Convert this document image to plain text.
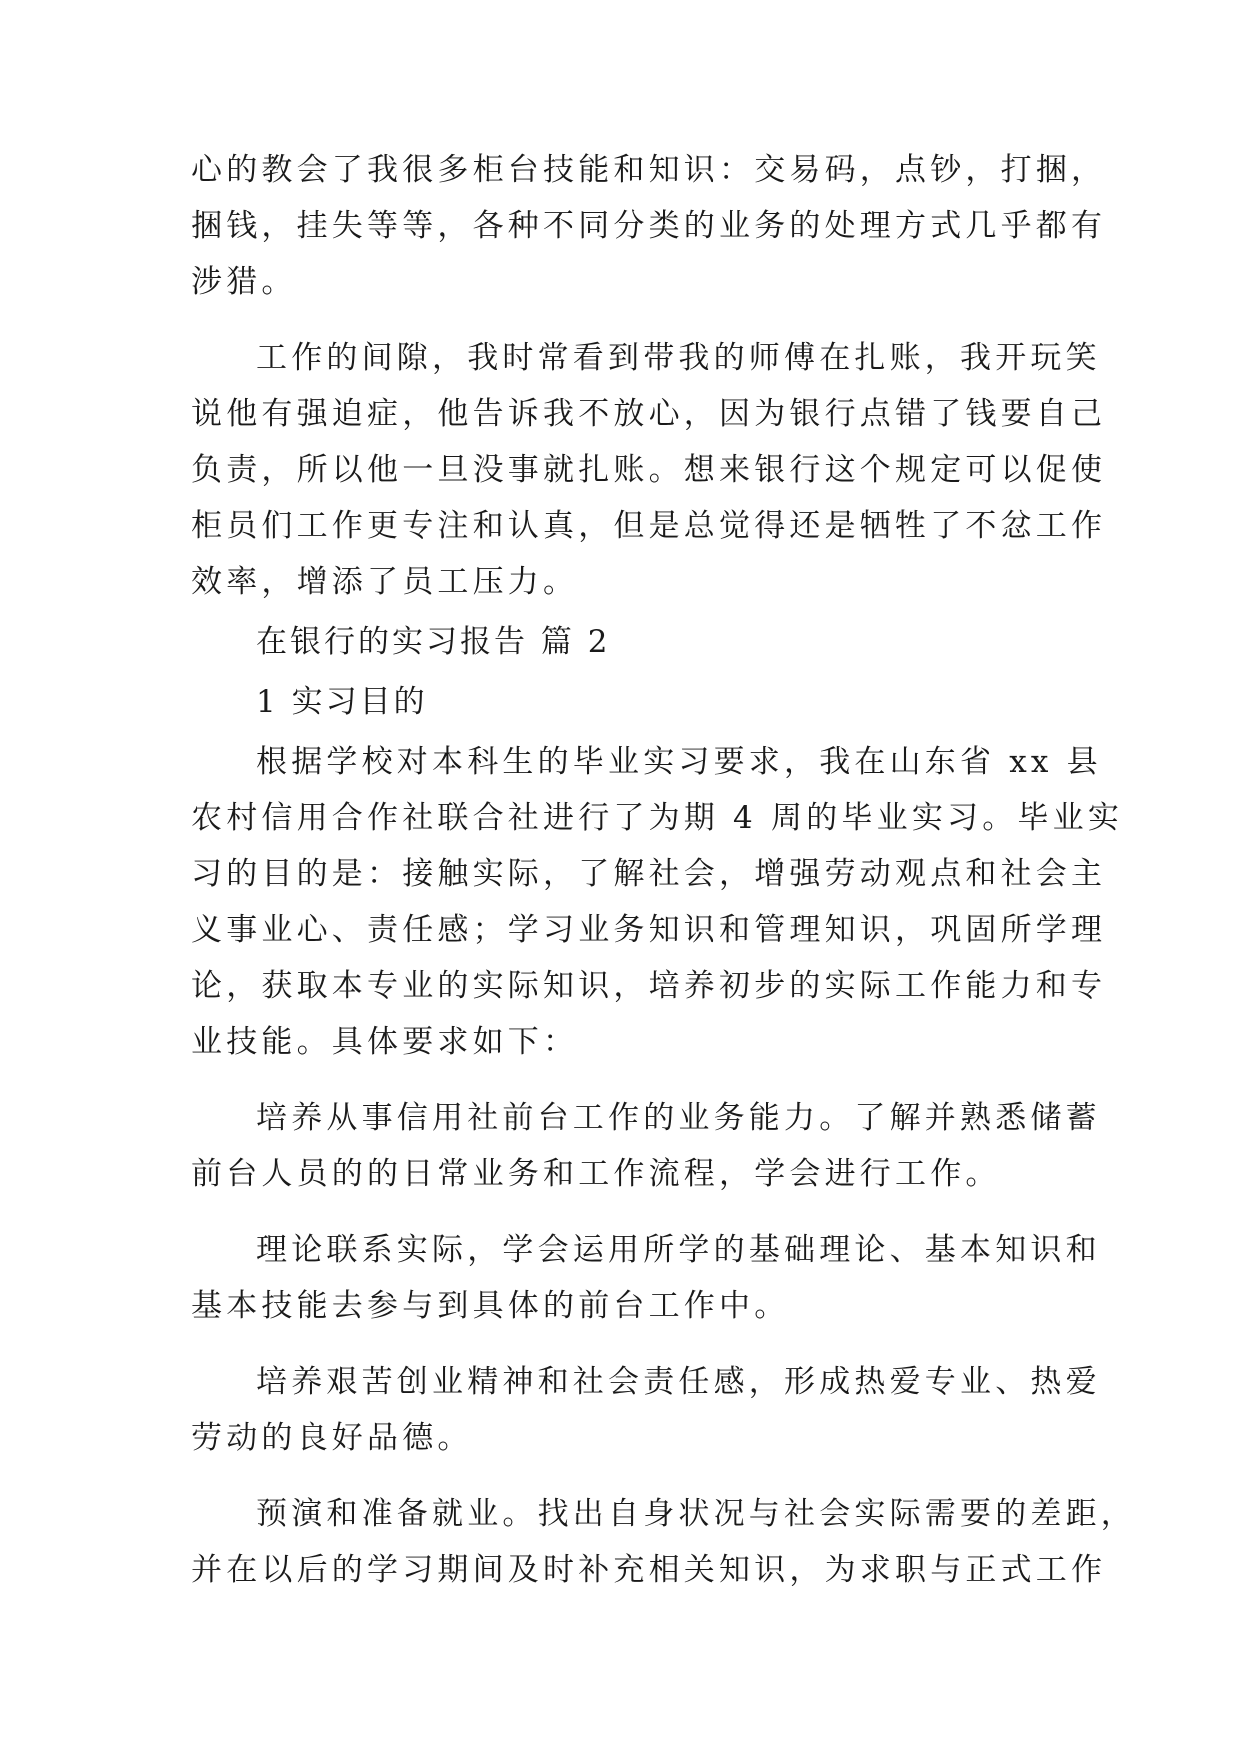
心的教会了我很多柜台技能和知识：交易码，点钞，打捆，

捆钱，挂失等等，各种不同分类的业务的处理方式几乎都有

涉猎。

工作的间隙，我时常看到带我的师傅在扎账，我开玩笑

说他有强迫症，他告诉我不放心，因为银行点错了钱要自己

负责，所以他一旦没事就扎账。想来银行这个规定可以促使

柜员们工作更专注和认真，但是总觉得还是牺牲了不忿工作

效率，增添了员工压力。

在银行的实习报告 篇 2

1 实习目的

根据学校对本科生的毕业实习要求，我在山东省 xx 县

农村信用合作社联合社进行了为期 4 周的毕业实习。毕业实

习的目的是：接触实际，了解社会，增强劳动观点和社会主

义事业心、责任感；学习业务知识和管理知识，巩固所学理

论，获取本专业的实际知识，培养初步的实际工作能力和专

业技能。具体要求如下：

培养从事信用社前台工作的业务能力。了解并熟悉储蓄

前台人员的的日常业务和工作流程，学会进行工作。

理论联系实际，学会运用所学的基础理论、基本知识和

基本技能去参与到具体的前台工作中。

培养艰苦创业精神和社会责任感，形成热爱专业、热爱

劳动的良好品德。

预演和准备就业。找出自身状况与社会实际需要的差距，

并在以后的学习期间及时补充相关知识，为求职与正式工作
